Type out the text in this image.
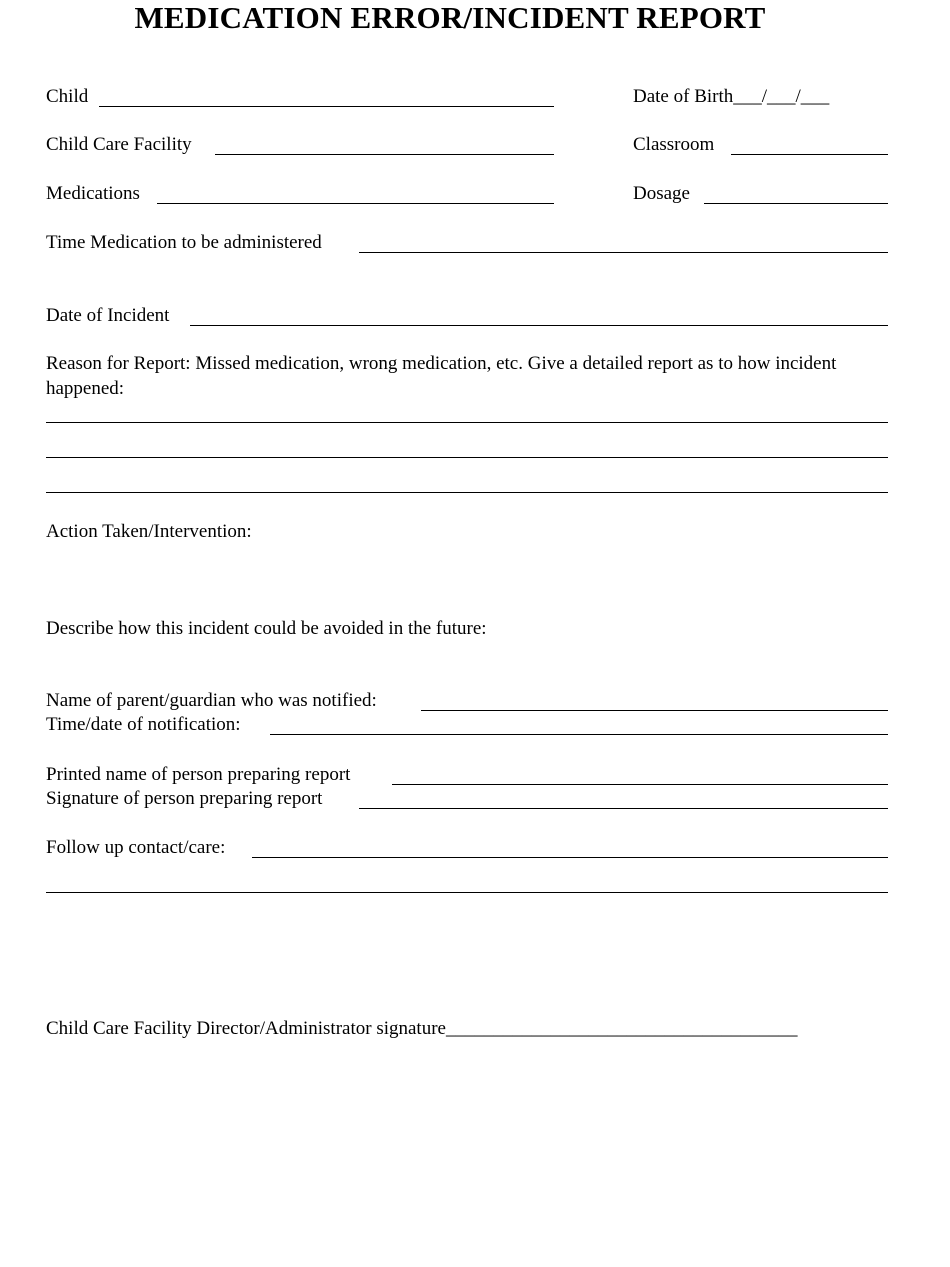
MEDICATION ERROR/INCIDENT REPORT
Child	Date of Birth___/___/___
Child Care Facility	Classroom
Medications	Dosage
Time Medication to be administered
Date of Incident
Reason for Report: Missed medication, wrong medication, etc. Give a detailed report as to how incident happened:
Action Taken/Intervention:
Describe how this incident could be avoided in the future:
Name of parent/guardian who was notified:
Time/date of notification:
Printed name of person preparing report
Signature of person preparing report
Follow up contact/care:
Child Care Facility Director/Administrator signature_____________________________________
